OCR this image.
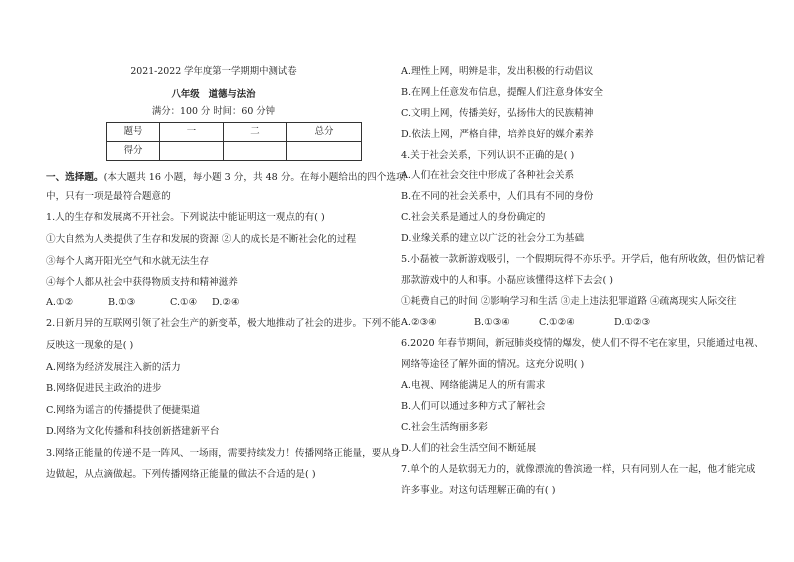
2021-2022 学年度第一学期期中测试卷
八年级 道德与法治
满分：100 分 时间：60 分钟
题号	一	二	总分
得分			
一、选择题。(本大题共 16 小题，每小题 3 分，共 48 分。在每小题给出的四个选项
中，只有一项是最符合题意的
1.人的生存和发展离不开社会。下列说法中能证明这一观点的有( )
①大自然为人类提供了生存和发展的资源 ②人的成长是不断社会化的过程
③每个人离开阳光空气和水就无法生存
④每个人都从社会中获得物质支持和精神滋养
A.①②	B.①③	C.①④ D.②④
2.日新月异的互联网引领了社会生产的新变革，极大地推动了社会的进步。下列不能
反映这一现象的是( )
A.网络为经济发展注入新的活力
B.网络促进民主政治的进步
C.网络为谣言的传播提供了便捷渠道
D.网络为文化传播和科技创新搭建新平台
3.网络正能量的传递不是一阵风、一场雨，需要持续发力！传播网络正能量，要从身
边做起，从点滴做起。下列传播网络正能量的做法不合适的是( )
A.理性上网，明辨是非，发出积极的行动倡议
B.在网上任意发布信息，提醒人们注意身体安全
C.文明上网，传播美好，弘扬伟大的民族精神
D.依法上网，严格自律，培养良好的媒介素养
4.关于社会关系，下列认识不正确的是( )
A.人们在社会交往中形成了各种社会关系
B.在不同的社会关系中，人们具有不同的身份
C.社会关系是通过人的身份确定的
D.业缘关系的建立以广泛的社会分工为基础
5.小磊被一款新游戏吸引，一个假期玩得不亦乐乎。开学后，他有所收敛，但仍惦记着
那款游戏中的人和事。小磊应该懂得这样下去会( )
①耗费自己的时间 ②影响学习和生活 ③走上违法犯罪道路 ④疏离现实人际交往
A.②③④	B.①③④	C.①②④	D.①②③
6.2020 年春节期间，新冠肺炎疫情的爆发，使人们不得不宅在家里，只能通过电视、
网络等途径了解外面的情况。这充分说明( )
A.电视、网络能满足人的所有需求
B.人们可以通过多种方式了解社会
C.社会生活绚丽多彩
D.人们的社会生活空间不断延展
7.单个的人是软弱无力的，就像漂流的鲁滨逊一样，只有同别人在一起，他才能完成
许多事业。对这句话理解正确的有( )
